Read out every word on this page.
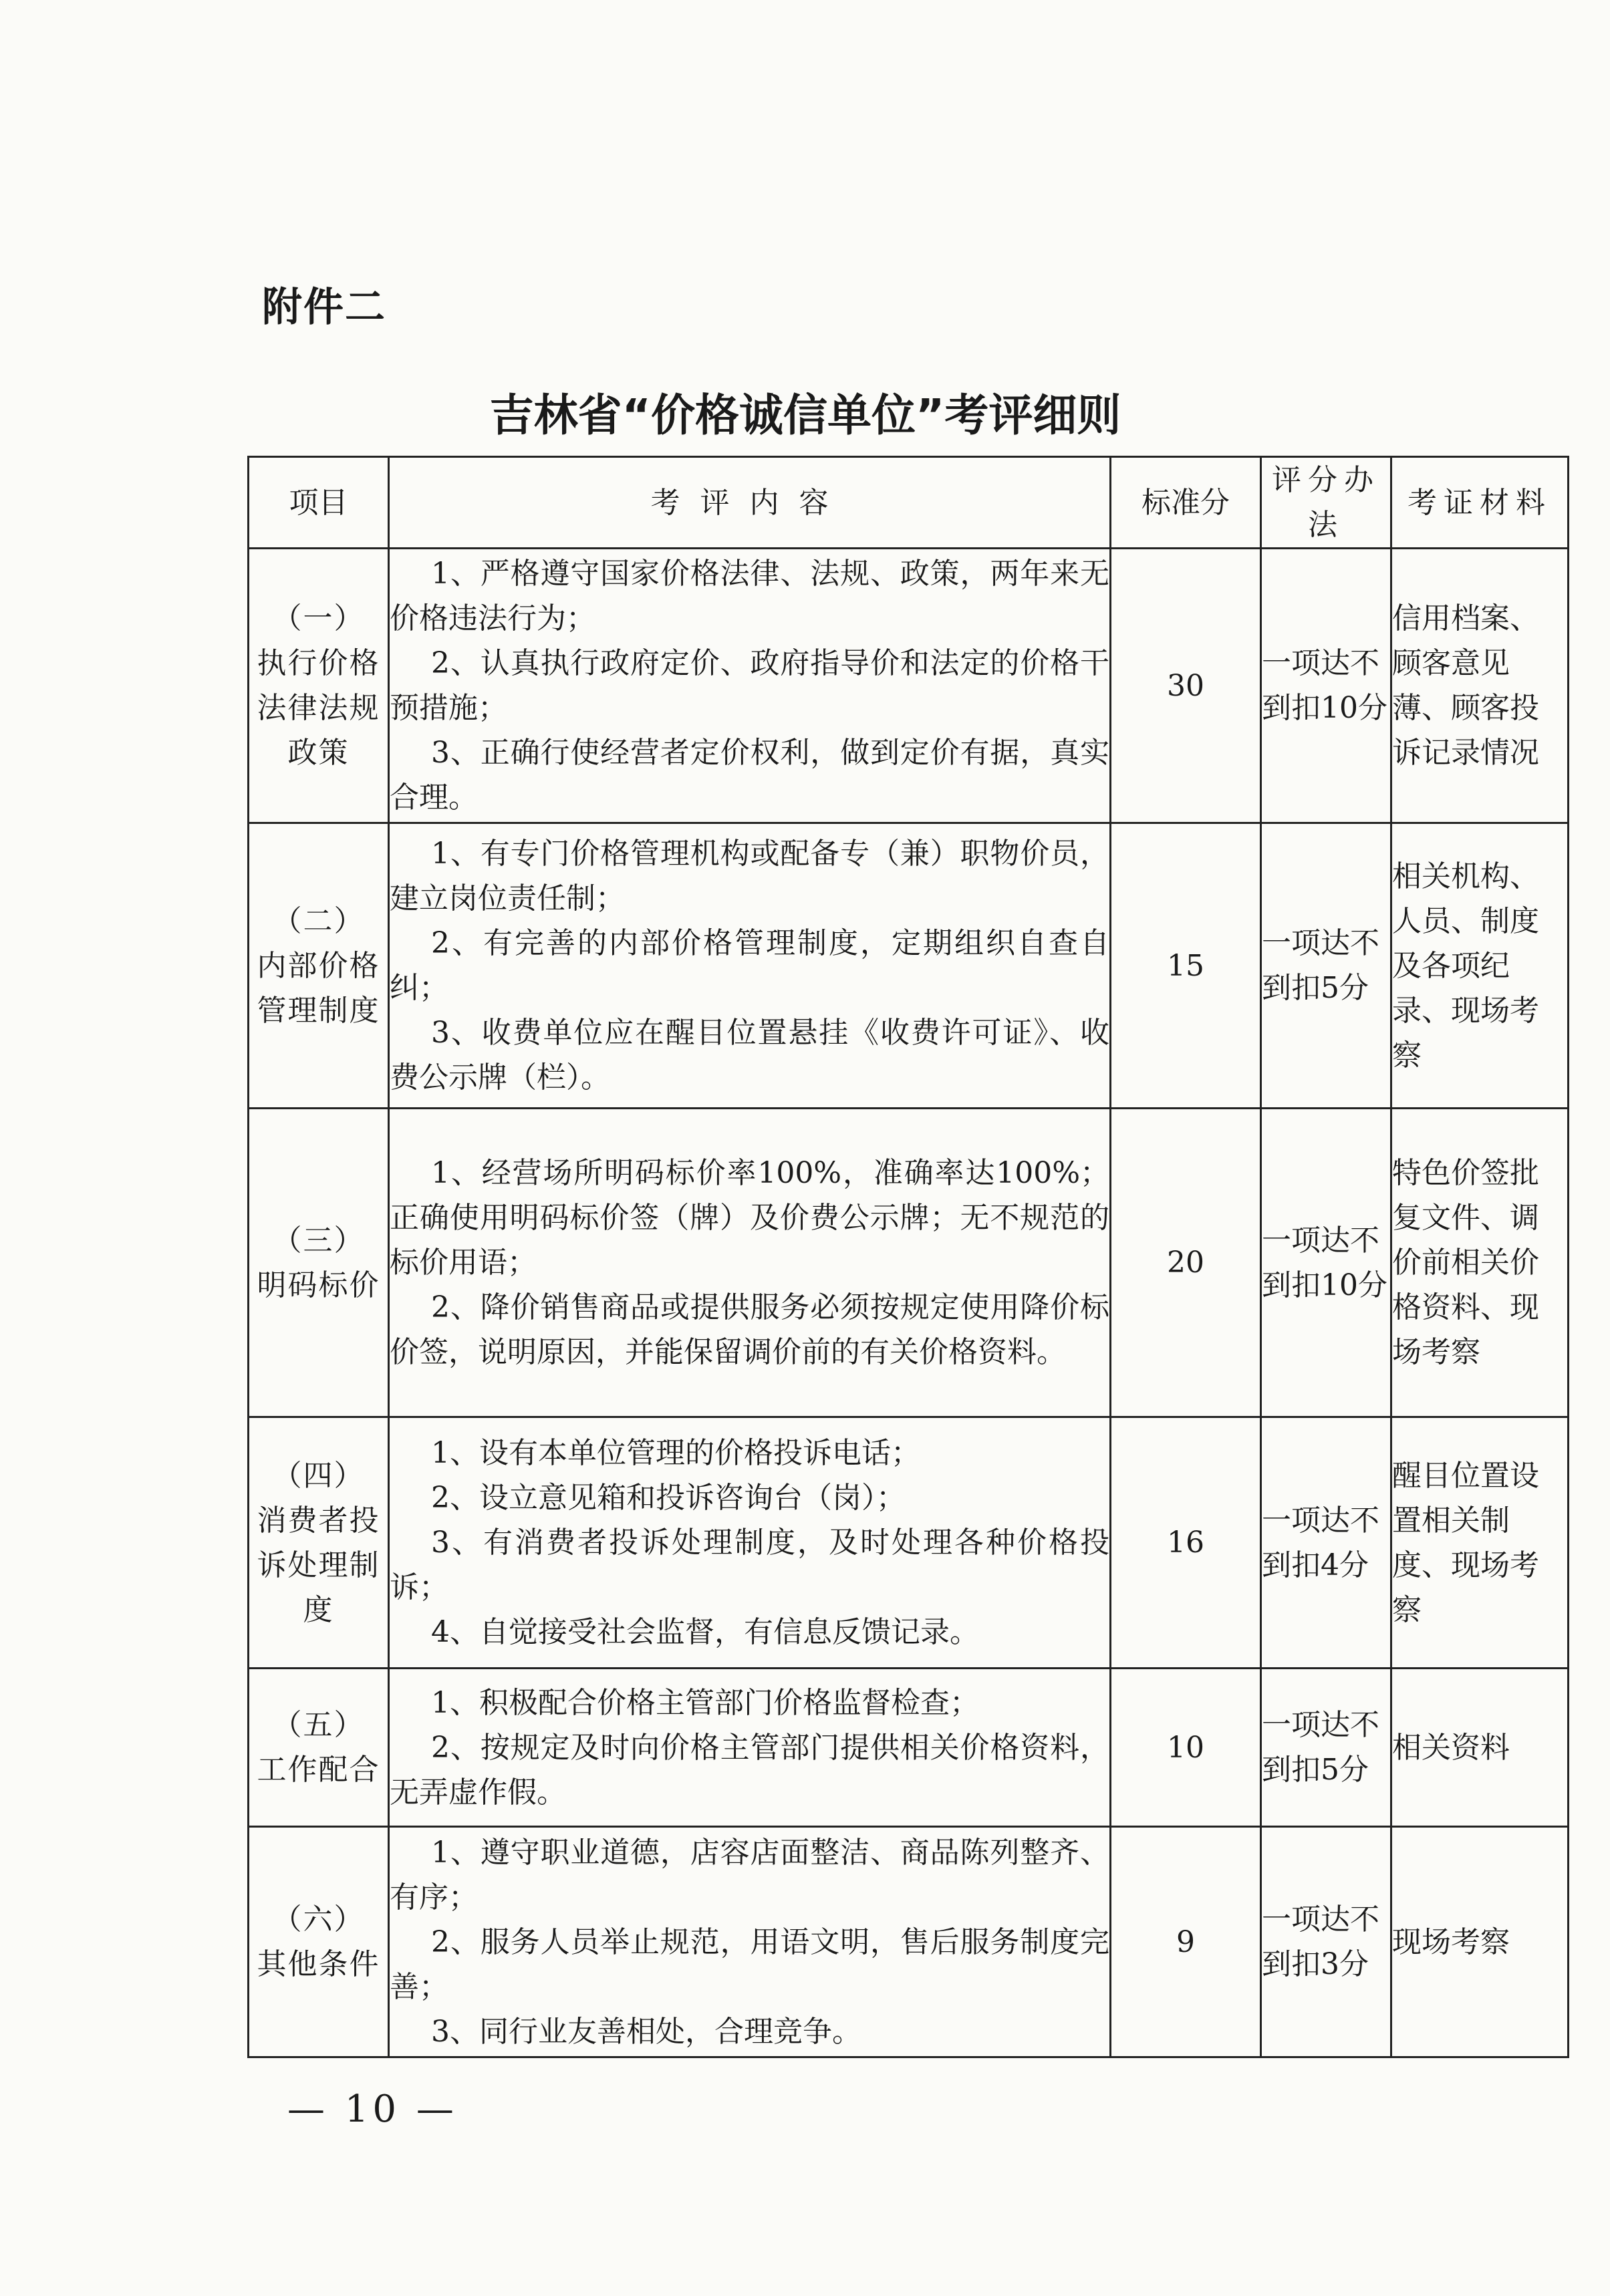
附件二
吉林省“价格诚信单位”考评细则
项目	考评内容	标准分	评分办法	考证材料

（一）
执行价格法律法规政策	1、严格遵守国家价格法律、法规、政策，两年来无价格违法行为；
2、认真执行政府定价、政府指导价和法定的价格干预措施；
3、正确行使经营者定价权利，做到定价有据，真实合理。	30	一项达不到扣10分	信用档案、顾客意见薄、顾客投诉记录情况

（二）
内部价格管理制度	1、有专门价格管理机构或配备专（兼）职物价员，建立岗位责任制；
2、有完善的内部价格管理制度，定期组织自查自纠；
3、收费单位应在醒目位置悬挂《收费许可证》、收费公示牌（栏）。	15	一项达不到扣5分	相关机构、人员、制度及各项纪录、现场考察

（三）
明码标价	1、经营场所明码标价率100%，准确率达100%；正确使用明码标价签（牌）及价费公示牌；无不规范的标价用语；
2、降价销售商品或提供服务必须按规定使用降价标价签，说明原因，并能保留调价前的有关价格资料。	20	一项达不到扣10分	特色价签批复文件、调价前相关价格资料、现场考察

（四）
消费者投诉处理制度	1、设有本单位管理的价格投诉电话；
2、设立意见箱和投诉咨询台（岗）；
3、有消费者投诉处理制度，及时处理各种价格投诉；
4、自觉接受社会监督，有信息反馈记录。	16	一项达不到扣4分	醒目位置设置相关制度、现场考察

（五）
工作配合	1、积极配合价格主管部门价格监督检查；
2、按规定及时向价格主管部门提供相关价格资料，无弄虚作假。	10	一项达不到扣5分	相关资料

（六）
其他条件	1、遵守职业道德，店容店面整洁、商品陈列整齐、有序；
2、服务人员举止规范，用语文明，售后服务制度完善；
3、同行业友善相处，合理竞争。	9	一项达不到扣3分	现场考察
— 10 —
